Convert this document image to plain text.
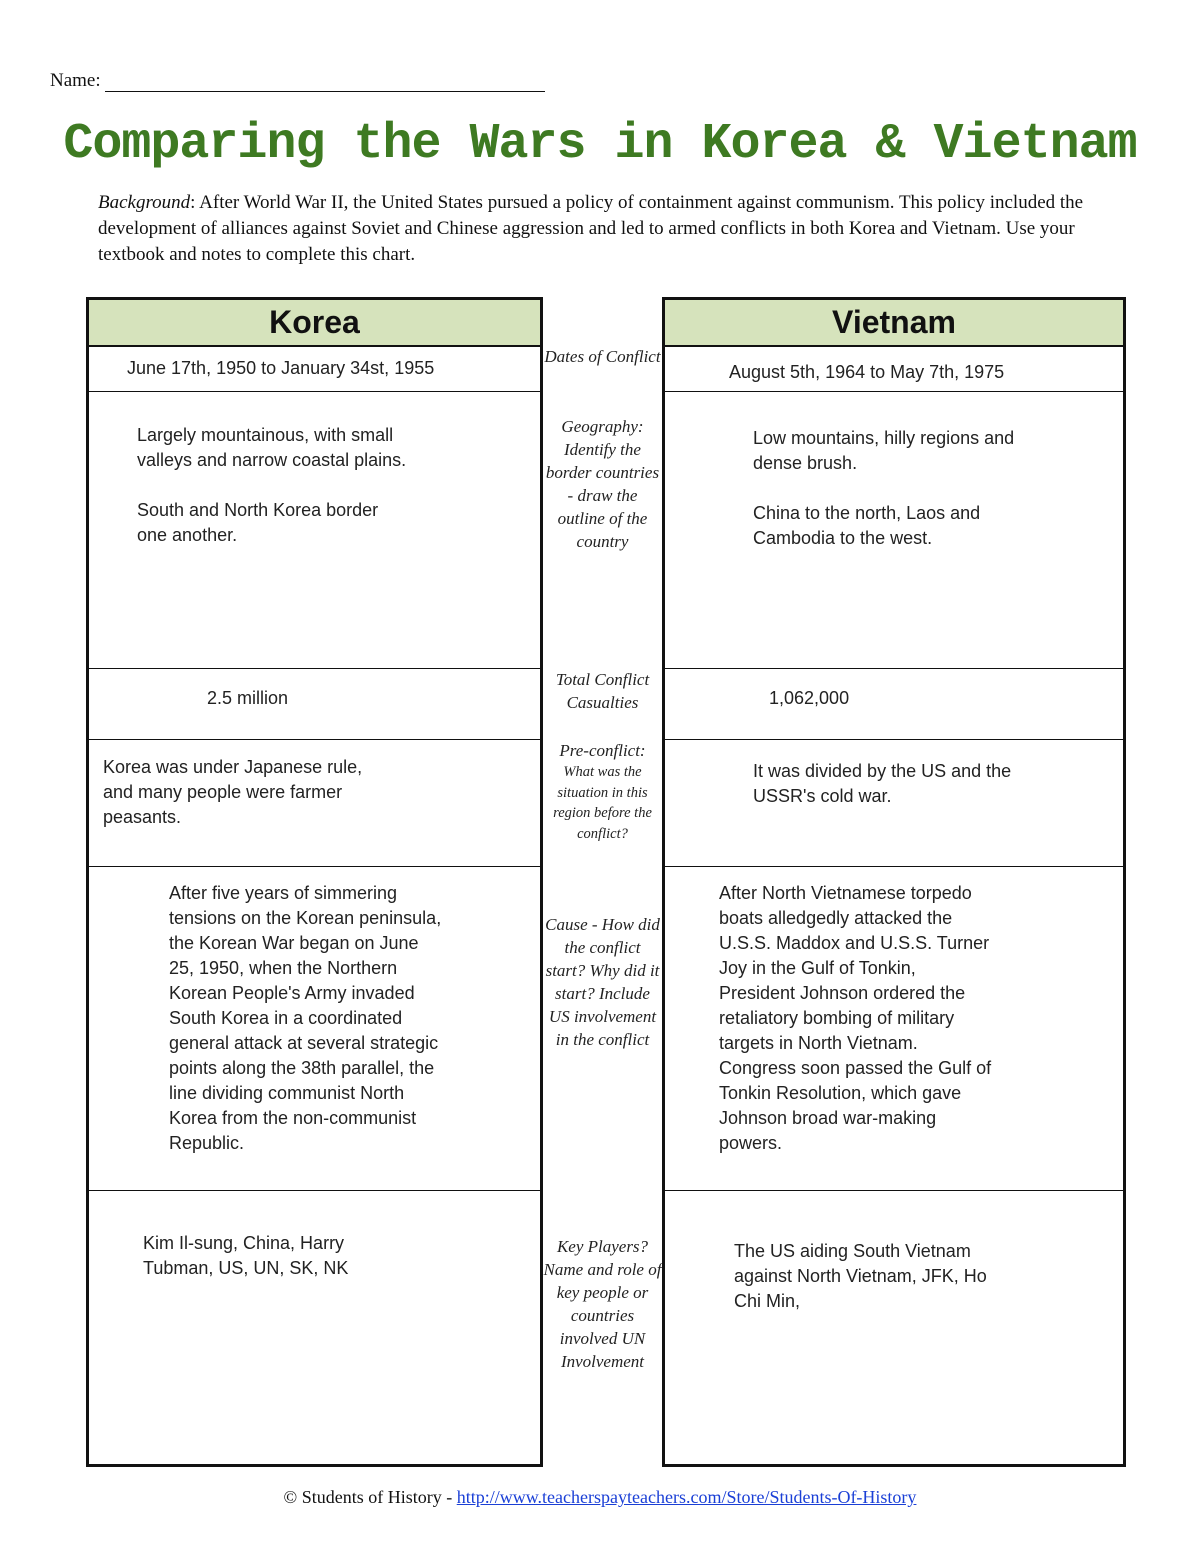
Name:
Comparing the Wars in Korea & Vietnam
Background: After World War II, the United States pursued a policy of containment against communism. This policy included the development of alliances against Soviet and Chinese aggression and led to armed conflicts in both Korea and Vietnam. Use your textbook and notes to complete this chart.
Korea
June 17th, 1950 to January 34st, 1955
Largely mountainous, with small
valleys and narrow coastal plains.

South and North Korea border
one another.
2.5 million
Korea was under Japanese rule,
and many people were farmer
peasants.
After five years of simmering
tensions on the Korean peninsula,
the Korean War began on June
25, 1950, when the Northern
Korean People's Army invaded
South Korea in a coordinated
general attack at several strategic
points along the 38th parallel, the
line dividing communist North
Korea from the non-communist
Republic.
Kim Il-sung, China, Harry
Tubman, US, UN, SK, NK
Dates of Conflict
Geography: Identify the border countries - draw the outline of the country
Total Conflict Casualties
Pre-conflict:
What was the situation in this region before the conflict?
Cause - How did the conflict start? Why did it start? Include US involvement in the conflict
Key Players? Name and role of key people or countries involved UN Involvement
Vietnam
August 5th, 1964 to May 7th, 1975
Low mountains, hilly regions and
dense brush.

China to the north, Laos and
Cambodia to the west.
1,062,000
It was divided by the US and the
USSR's cold war.
After North Vietnamese torpedo
boats alledgedly attacked the
U.S.S. Maddox and U.S.S. Turner
Joy in the Gulf of Tonkin,
President Johnson ordered the
retaliatory bombing of military
targets in North Vietnam.
Congress soon passed the Gulf of
Tonkin Resolution, which gave
Johnson broad war-making
powers.
The US aiding South Vietnam
against North Vietnam, JFK, Ho
Chi Min,
© Students of History - http://www.teacherspayteachers.com/Store/Students-Of-History
